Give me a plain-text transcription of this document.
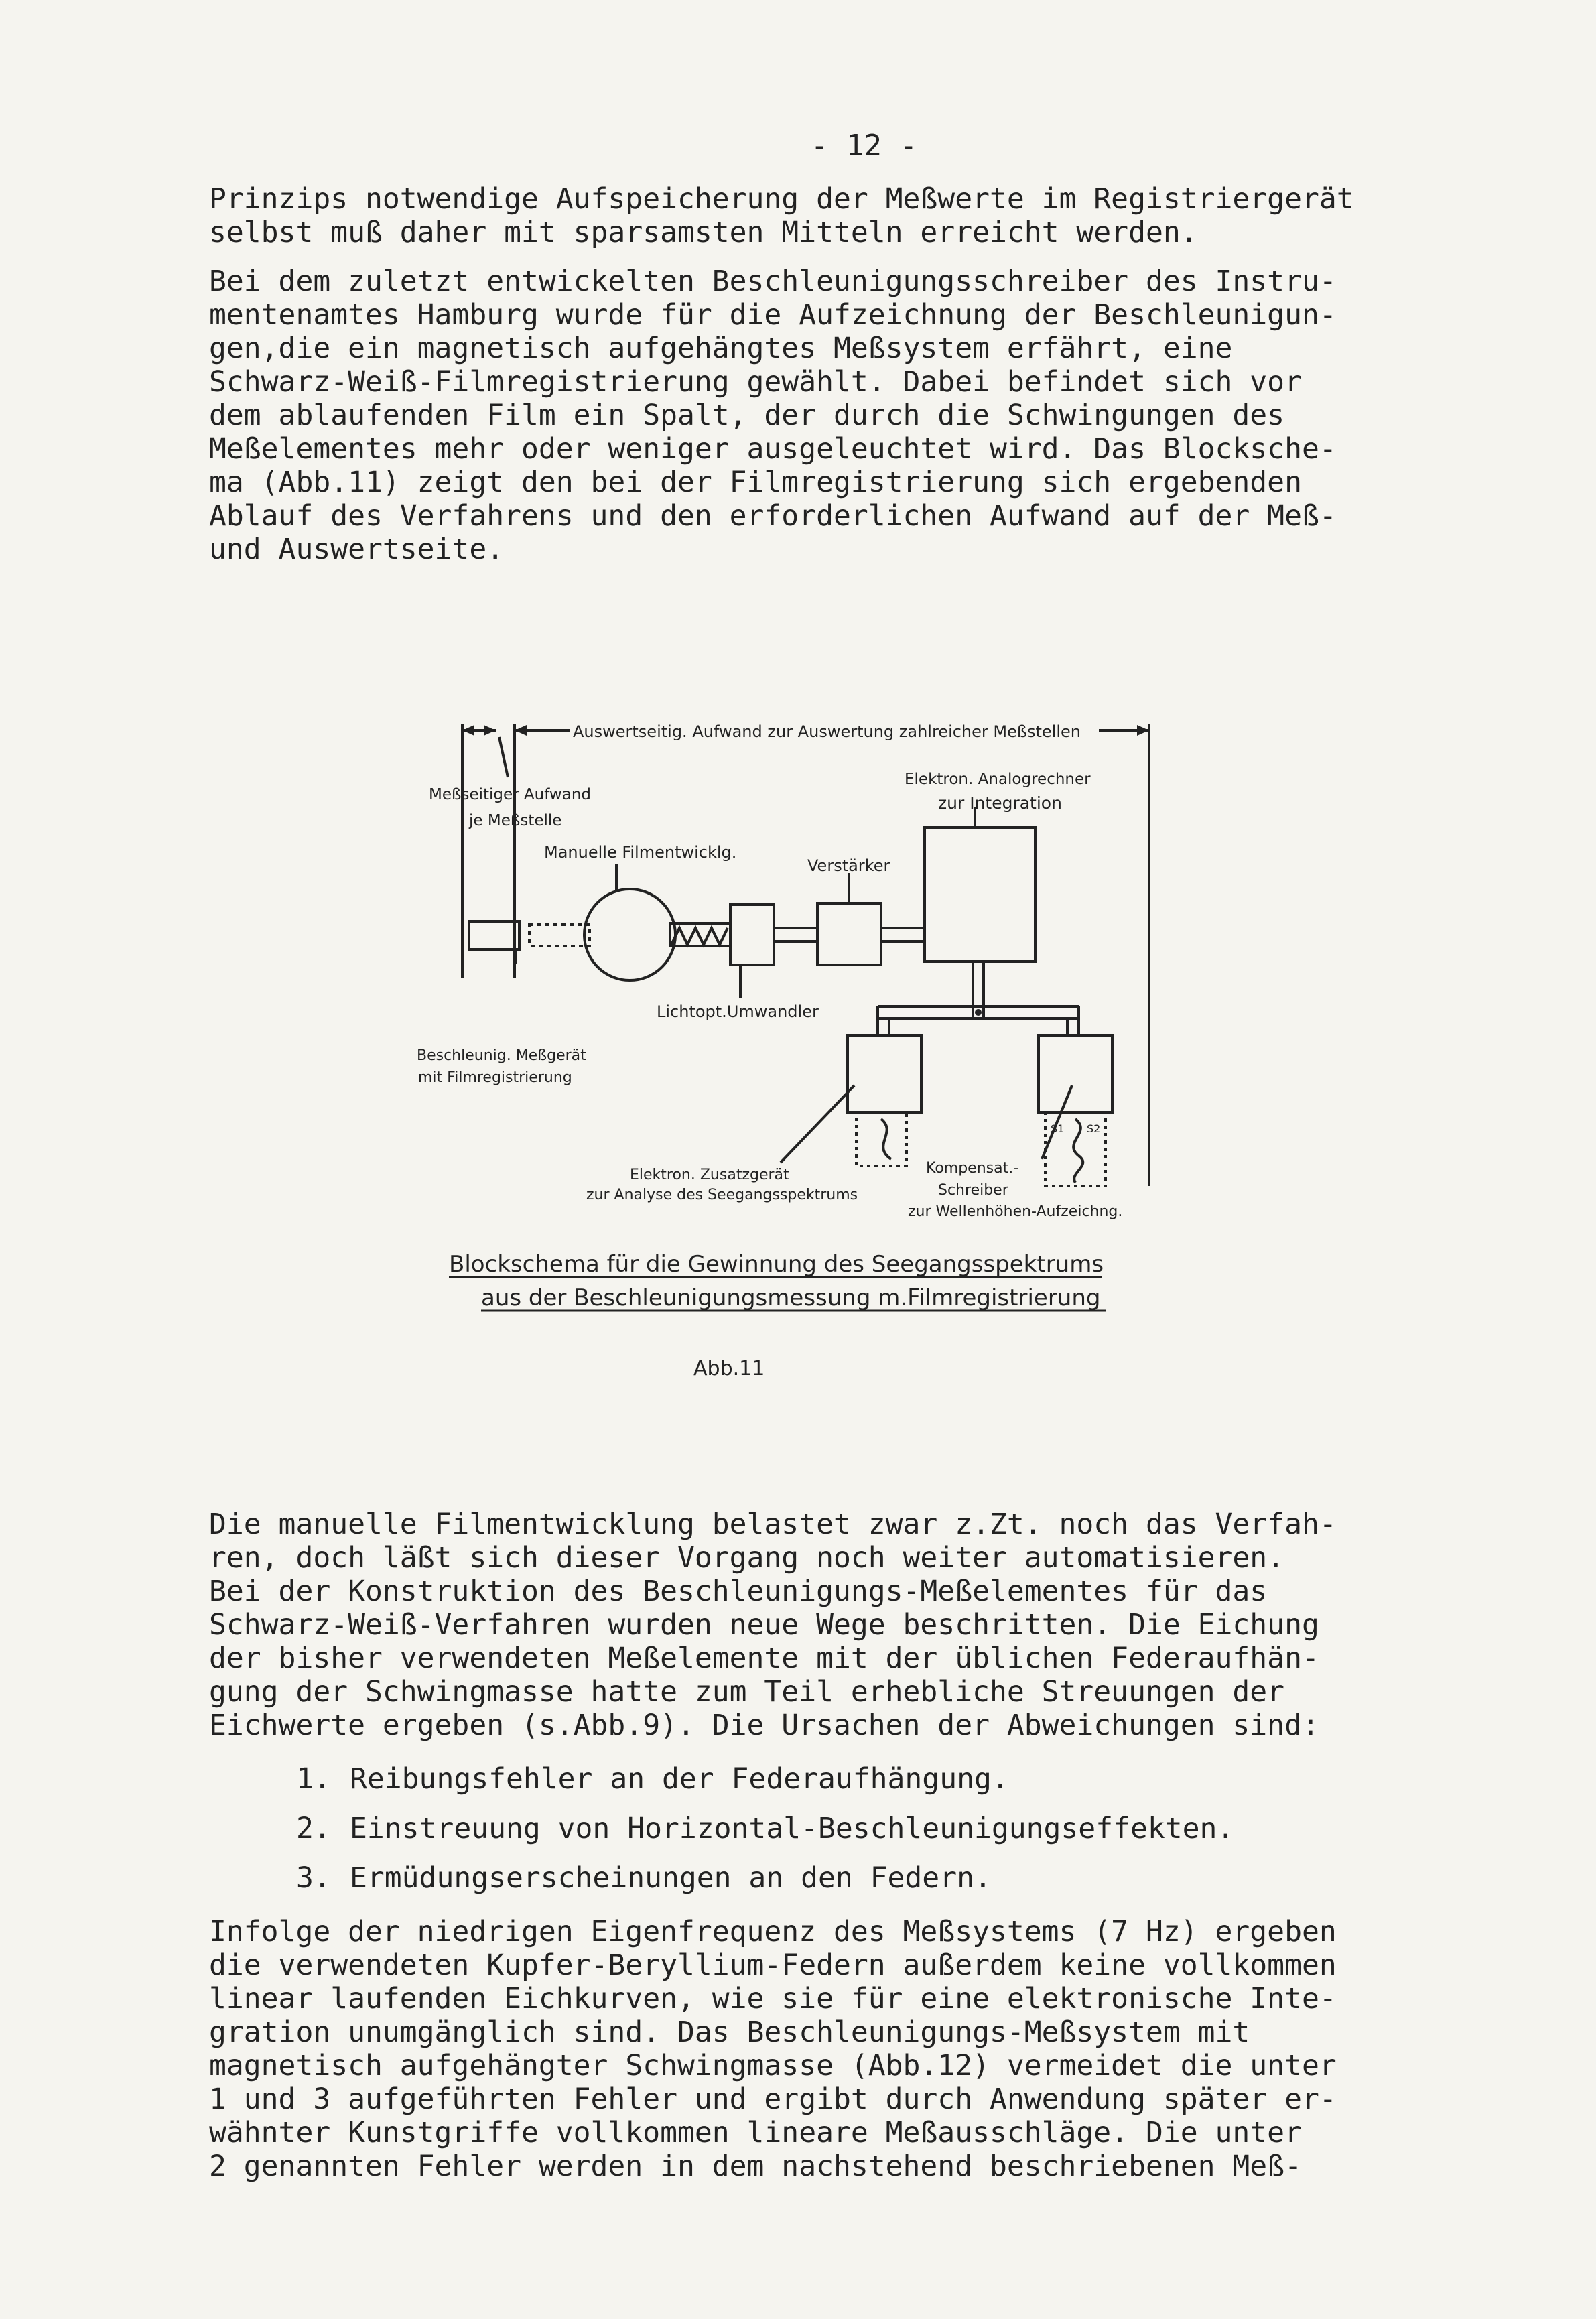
- 12 -
Prinzips notwendige Aufspeicherung der Meßwerte im Registriergerät
selbst muß daher mit sparsamsten Mitteln erreicht werden.
Bei dem zuletzt entwickelten Beschleunigungsschreiber des Instru-
mentenamtes Hamburg wurde für die Aufzeichnung der Beschleunigun-
gen,die ein magnetisch aufgehängtes Meßsystem erfährt, eine
Schwarz-Weiß-Filmregistrierung gewählt. Dabei befindet sich vor
dem ablaufenden Film ein Spalt, der durch die Schwingungen des
Meßelementes mehr oder weniger ausgeleuchtet wird. Das Blocksche-
ma (Abb.11) zeigt den bei der Filmregistrierung sich ergebenden
Ablauf des Verfahrens und den erforderlichen Aufwand auf der Meß-
und Auswertseite.
Auswertseitig. Aufwand zur Auswertung zahlreicher Meßstellen
Meßseitiger Aufwand
je Meßstelle
Elektron. Analogrechner
zur Integration
Manuelle Filmentwicklg.
Verstärker
Lichtopt.Umwandler
Beschleunig. Meßgerät
mit Filmregistrierung
Elektron. Zusatzgerät
zur Analyse des Seegangsspektrums
Kompensat.-
Schreiber
zur Wellenhöhen-Aufzeichng.
S1 S2
Blockschema für die Gewinnung des Seegangsspektrums
aus der Beschleunigungsmessung m.Filmregistrierung
Abb.11
Die manuelle Filmentwicklung belastet zwar z.Zt. noch das Verfah-
ren, doch läßt sich dieser Vorgang noch weiter automatisieren.
Bei der Konstruktion des Beschleunigungs-Meßelementes für das
Schwarz-Weiß-Verfahren wurden neue Wege beschritten. Die Eichung
der bisher verwendeten Meßelemente mit der üblichen Federaufhän-
gung der Schwingmasse hatte zum Teil erhebliche Streuungen der
Eichwerte ergeben (s.Abb.9). Die Ursachen der Abweichungen sind:
1. Reibungsfehler an der Federaufhängung.
2. Einstreuung von Horizontal-Beschleunigungseffekten.
3. Ermüdungserscheinungen an den Federn.
Infolge der niedrigen Eigenfrequenz des Meßsystems (7 Hz) ergeben
die verwendeten Kupfer-Beryllium-Federn außerdem keine vollkommen
linear laufenden Eichkurven, wie sie für eine elektronische Inte-
gration unumgänglich sind. Das Beschleunigungs-Meßsystem mit
magnetisch aufgehängter Schwingmasse (Abb.12) vermeidet die unter
1 und 3 aufgeführten Fehler und ergibt durch Anwendung später er-
wähnter Kunstgriffe vollkommen lineare Meßausschläge. Die unter
2 genannten Fehler werden in dem nachstehend beschriebenen Meß-
